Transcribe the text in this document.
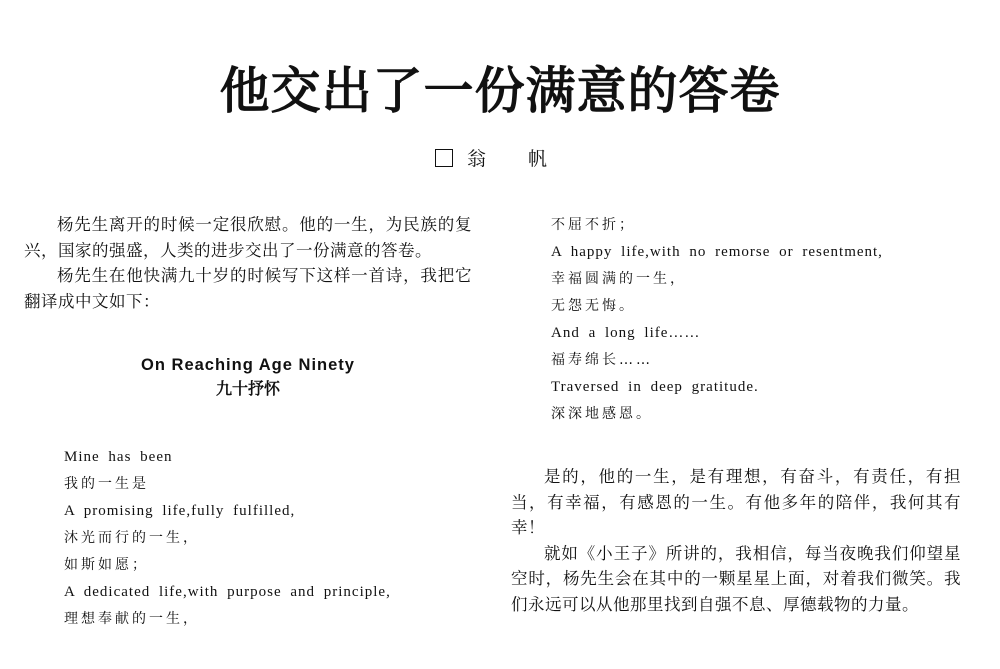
他交出了一份满意的答卷
翁 帆

杨先生离开的时候一定很欣慰。他的一生，为民族的复兴，国家的强盛，人类的进步交出了一份满意的答卷。

杨先生在他快满九十岁的时候写下这样一首诗，我把它翻译成中文如下：

On Reaching Age Ninety
九十抒怀

Mine has been

我的一生是

A promising life,fully fulfilled,

沐光而行的一生，

如斯如愿；

A dedicated life,with purpose and principle,

理想奉献的一生，

不屈不折；

A happy life,with no remorse or resentment,

幸福圆满的一生，

无怨无悔。

And a long life……

福寿绵长……

Traversed in deep gratitude.

深深地感恩。

是的，他的一生，是有理想，有奋斗，有责任，有担当，有幸福，有感恩的一生。有他多年的陪伴，我何其有幸！

就如《小王子》所讲的，我相信，每当夜晚我们仰望星空时，杨先生会在其中的一颗星星上面，对着我们微笑。我们永远可以从他那里找到自强不息、厚德载物的力量。
